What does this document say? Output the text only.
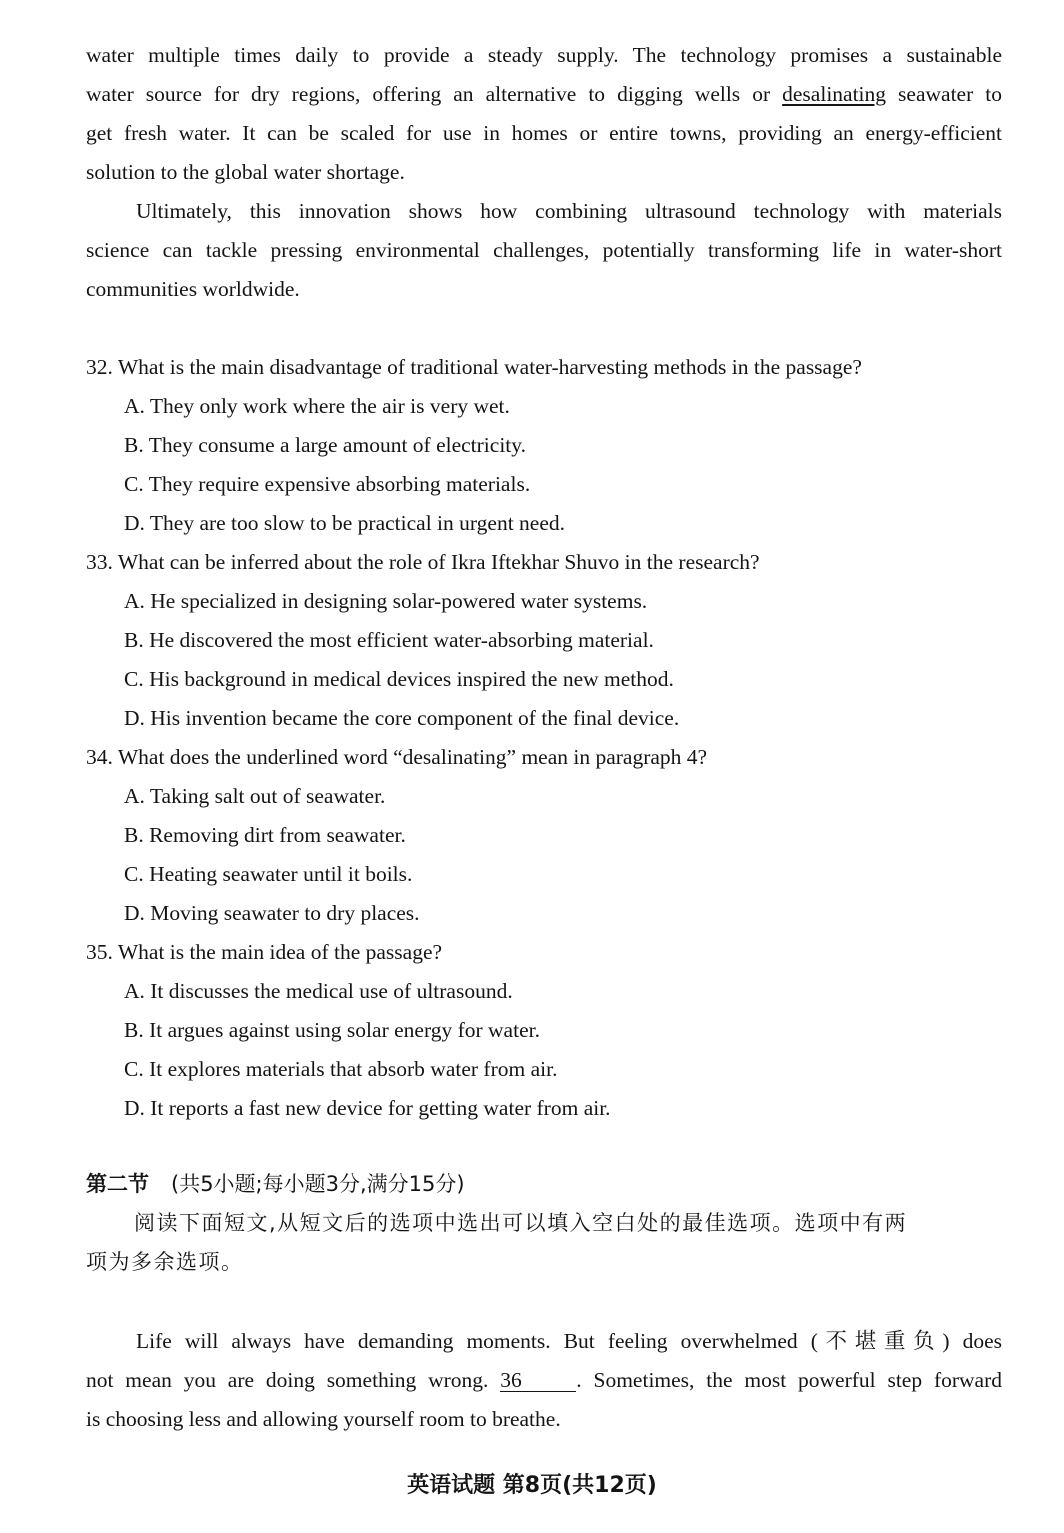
water multiple times daily to provide a steady supply. The technology promises a sustainable
water source for dry regions, offering an alternative to digging wells or desalinating seawater to
get fresh water. It can be scaled for use in homes or entire towns, providing an energy-efficient
solution to the global water shortage.
Ultimately, this innovation shows how combining ultrasound technology with materials
science can tackle pressing environmental challenges, potentially transforming life in water-short
communities worldwide.

32. What is the main disadvantage of traditional water-harvesting methods in the passage?

A. They only work where the air is very wet.

B. They consume a large amount of electricity.

C. They require expensive absorbing materials.

D. They are too slow to be practical in urgent need.

33. What can be inferred about the role of Ikra Iftekhar Shuvo in the research?

A. He specialized in designing solar-powered water systems.

B. He discovered the most efficient water-absorbing material.

C. His background in medical devices inspired the new method.

D. His invention became the core component of the final device.

34. What does the underlined word “desalinating” mean in paragraph 4?

A. Taking salt out of seawater.

B. Removing dirt from seawater.

C. Heating seawater until it boils.

D. Moving seawater to dry places.

35. What is the main idea of the passage?

A. It discusses the medical use of ultrasound.

B. It argues against using solar energy for water.

C. It explores materials that absorb water from air.

D. It reports a fast new device for getting water from air.

第二节 (共5小题;每小题3分,满分15分)

阅读下面短文,从短文后的选项中选出可以填入空白处的最佳选项。选项中有两

项为多余选项。

Life will always have demanding moments. But feeling overwhelmed (不堪重负) does
not mean you are doing something wrong. 36	. Sometimes, the most powerful step forward
is choosing less and allowing yourself room to breathe.
英语试题 第8页(共12页)
